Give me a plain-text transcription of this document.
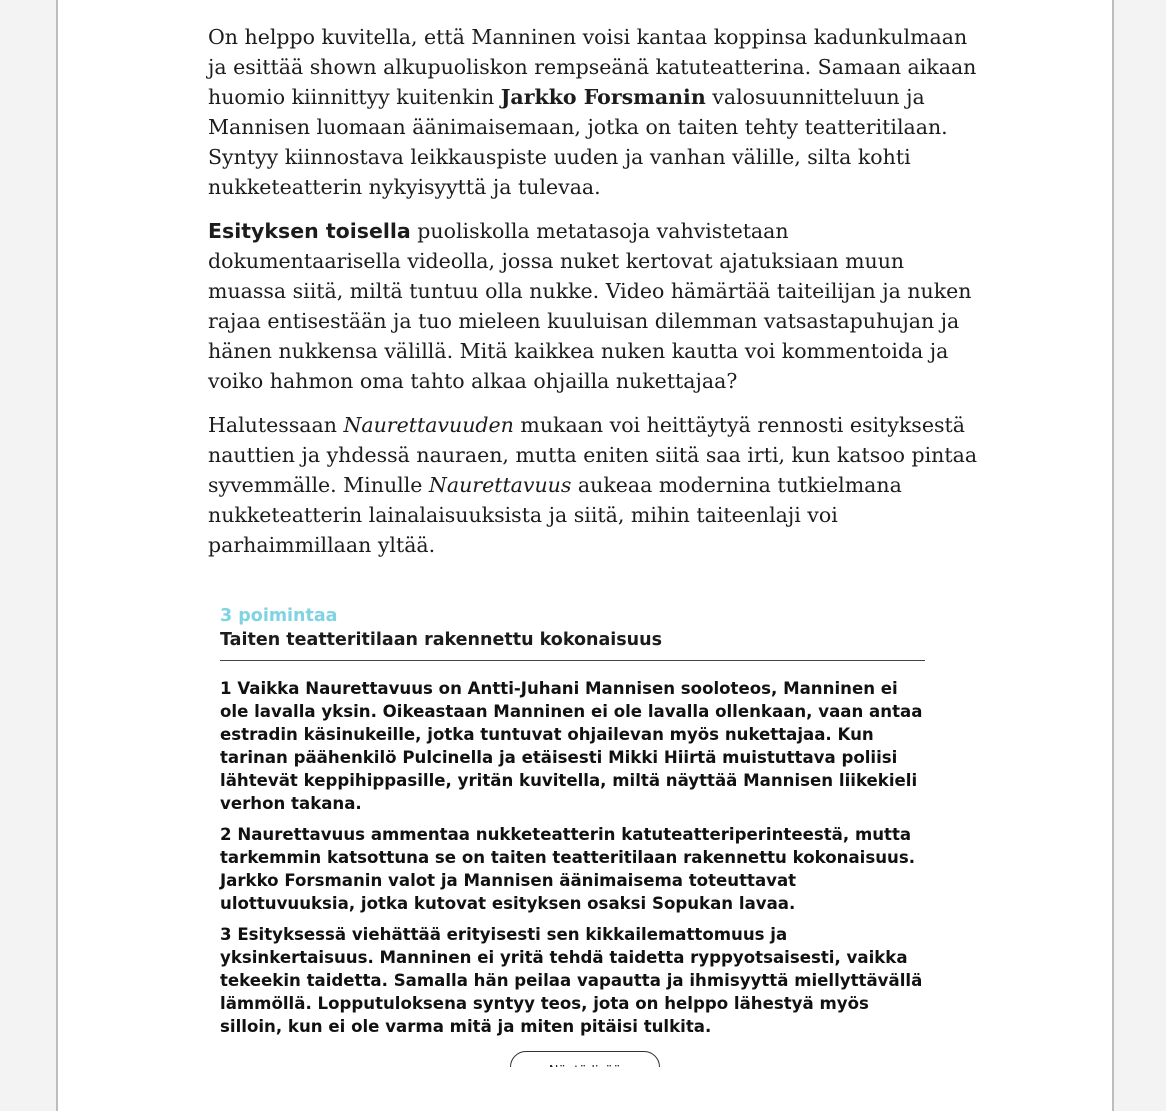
On helppo kuvitella, että Manninen voisi kantaa koppinsa kadunkulmaan ja esittää shown alkupuoliskon rempseänä katuteatterina. Samaan aikaan huomio kiinnittyy kuitenkin Jarkko Forsmanin valosuunnitteluun ja Mannisen luomaan äänimaisemaan, jotka on taiten tehty teatteritilaan. Syntyy kiinnostava leikkauspiste uuden ja vanhan välille, silta kohti nukketeatterin nykyisyyttä ja tulevaa.

Esityksen toisella puoliskolla metatasoja vahvistetaan dokumentaarisella videolla, jossa nuket kertovat ajatuksiaan muun muassa siitä, miltä tuntuu olla nukke. Video hämärtää taiteilijan ja nuken rajaa entisestään ja tuo mieleen kuuluisan dilemman vatsastapuhujan ja hänen nukkensa välillä. Mitä kaikkea nuken kautta voi kommentoida ja voiko hahmon oma tahto alkaa ohjailla nukettajaa?

Halutessaan Naurettavuuden mukaan voi heittäytyä rennosti esityksestä nauttien ja yhdessä nauraen, mutta eniten siitä saa irti, kun katsoo pintaa syvemmälle. Minulle Naurettavuus aukeaa modernina tutkielmana nukketeatterin lainalaisuuksista ja siitä, mihin taiteenlaji voi parhaimmillaan yltää.

3 poimintaa
Taiten teatteritilaan rakennettu kokonaisuus
1 Vaikka Naurettavuus on Antti-Juhani Mannisen sooloteos, Manninen ei ole lavalla yksin. Oikeastaan Manninen ei ole lavalla ollenkaan, vaan antaa estradin käsinukeille, jotka tuntuvat ohjailevan myös nukettajaa. Kun tarinan päähenkilö Pulcinella ja etäisesti Mikki Hiirtä muistuttava poliisi lähtevät keppihippasille, yritän kuvitella, miltä näyttää Mannisen liikekieli verhon takana.
2 Naurettavuus ammentaa nukketeatterin katuteatteriperinteestä, mutta tarkemmin katsottuna se on taiten teatteritilaan rakennettu kokonaisuus. Jarkko Forsmanin valot ja Mannisen äänimaisema toteuttavat ulottuvuuksia, jotka kutovat esityksen osaksi Sopukan lavaa.
3 Esityksessä viehättää erityisesti sen kikkailemattomuus ja yksinkertaisuus. Manninen ei yritä tehdä taidetta ryppyotsaisesti, vaikka tekeekin taidetta. Samalla hän peilaa vapautta ja ihmisyyttä miellyttävällä lämmöllä. Lopputuloksena syntyy teos, jota on helppo lähestyä myös silloin, kun ei ole varma mitä ja miten pitäisi tulkita.
